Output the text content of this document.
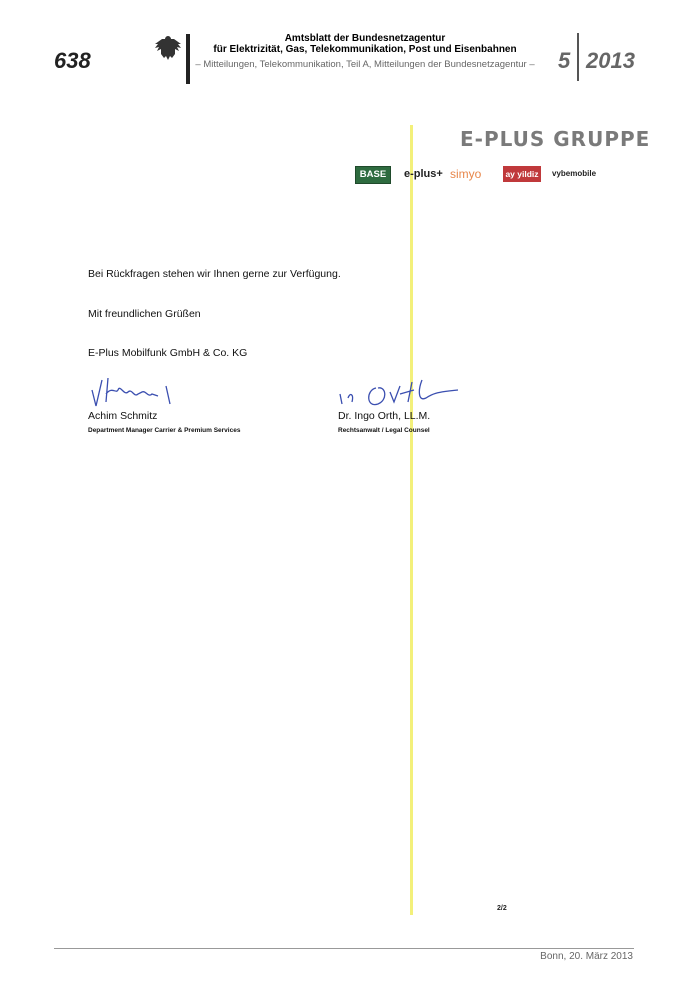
638
Amtsblatt der Bundesnetzagentur
für Elektrizität, Gas, Telekommunikation, Post und Eisenbahnen
– Mitteilungen, Telekommunikation, Teil A, Mitteilungen der Bundesnetzagentur – 5 2013
E-PLUS GRUPPE
BASE	e-plus+ simyo	ay yildiz	vybemobile
Bei Rückfragen stehen wir Ihnen gerne zur Verfügung.
Mit freundlichen Grüßen
E-Plus Mobilfunk GmbH & Co. KG
Achim Schmitz
Department Manager Carrier & Premium Services
Dr. Ingo Orth, LL.M.
Rechtsanwalt / Legal Counsel
2/2
Bonn, 20. März 2013
